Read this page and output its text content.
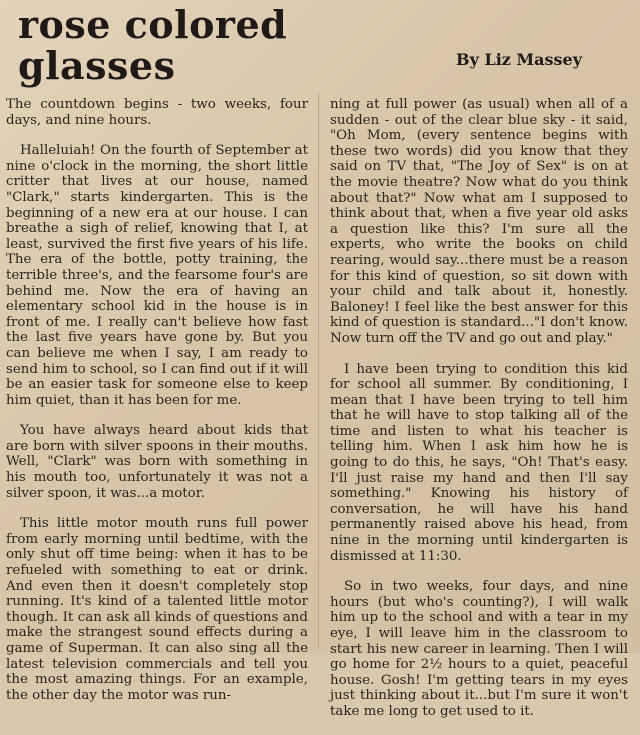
rose colored
glasses	By Liz Massey

The countdown begins - two weeks, four days, and nine hours.

Halleluiah! On the fourth of September at nine o'clock in the morning, the short little critter that lives at our house, named "Clark," starts kindergarten. This is the beginning of a new era at our house. I can breathe a sigh of relief, knowing that I, at least, survived the first five years of his life. The era of the bottle, potty training, the terrible three's, and the fearsome four's are behind me. Now the era of having an elementary school kid in the house is in front of me. I really can't believe how fast the last five years have gone by. But you can believe me when I say, I am ready to send him to school, so I can find out if it will be an easier task for someone else to keep him quiet, than it has been for me.

You have always heard about kids that are born with silver spoons in their mouths. Well, "Clark" was born with something in his mouth too, unfortunately it was not a silver spoon, it was...a motor.

This little motor mouth runs full power from early morning until bedtime, with the only shut off time being: when it has to be refueled with something to eat or drink. And even then it doesn't completely stop running. It's kind of a talented little motor though. It can ask all kinds of questions and make the strangest sound effects during a game of Superman. It can also sing all the latest television commercials and tell you the most amazing things. For an example, the other day the motor was run-

ning at full power (as usual) when all of a sudden - out of the clear blue sky - it said, "Oh Mom, (every sentence begins with these two words) did you know that they said on TV that, "The Joy of Sex" is on at the movie theatre? Now what do you think about that?" Now what am I supposed to think about that, when a five year old asks a question like this? I'm sure all the experts, who write the books on child rearing, would say...there must be a reason for this kind of question, so sit down with your child and talk about it, honestly. Baloney! I feel like the best answer for this kind of question is standard..."I don't know. Now turn off the TV and go out and play."

I have been trying to condition this kid for school all summer. By conditioning, I mean that I have been trying to tell him that he will have to stop talking all of the time and listen to what his teacher is telling him. When I ask him how he is going to do this, he says, "Oh! That's easy. I'll just raise my hand and then I'll say something." Knowing his history of conversation, he will have his hand permanently raised above his head, from nine in the morning until kindergarten is dismissed at 11:30.

So in two weeks, four days, and nine hours (but who's counting?), I will walk him up to the school and with a tear in my eye, I will leave him in the classroom to start his new career in learning. Then I will go home for 2½ hours to a quiet, peaceful house. Gosh! I'm getting tears in my eyes just thinking about it...but I'm sure it won't take me long to get used to it.
